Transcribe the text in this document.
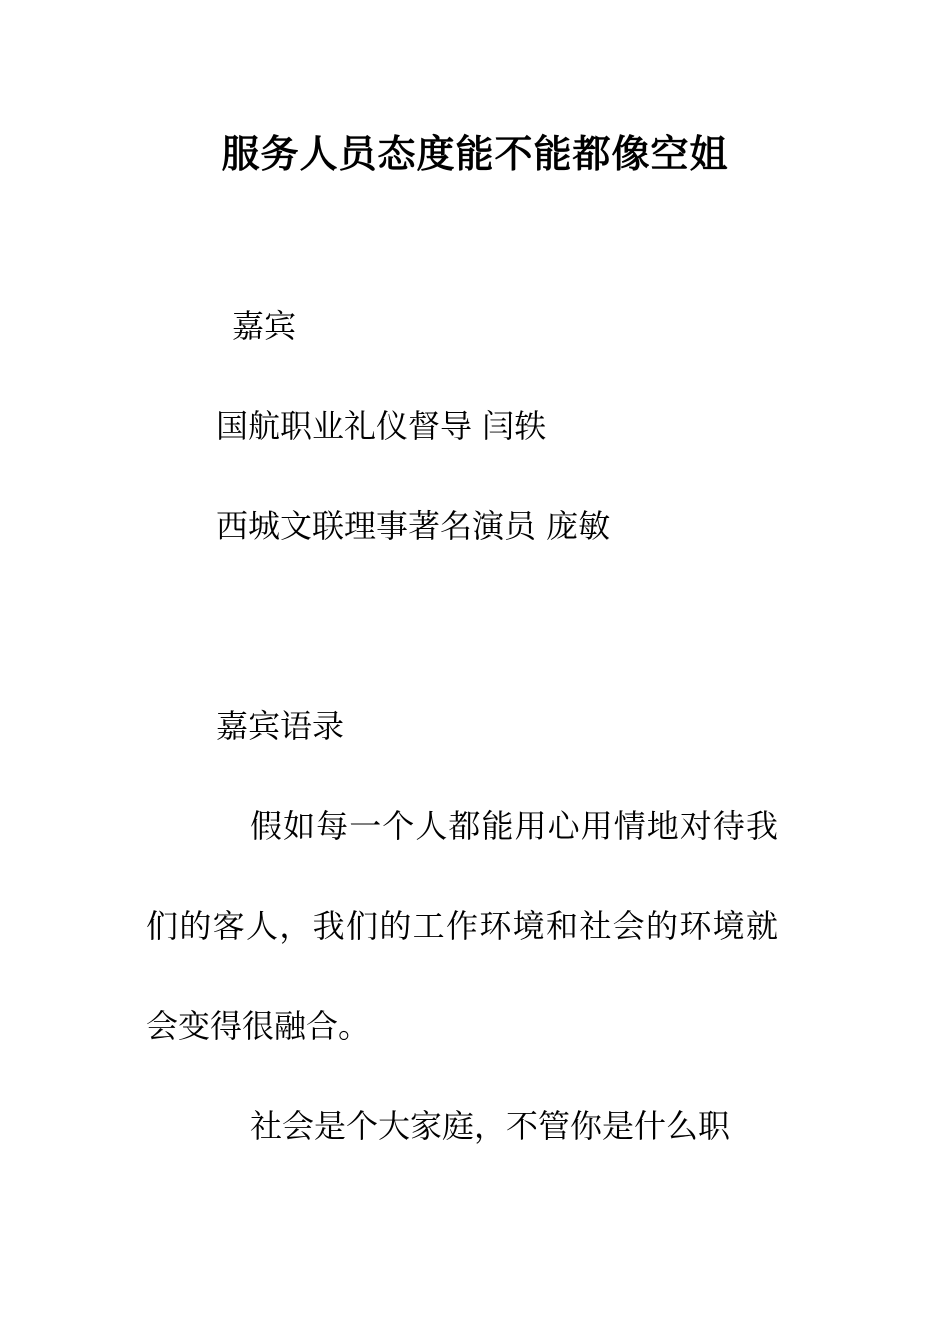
服务人员态度能不能都像空姐
嘉宾
国航职业礼仪督导 闫轶
西城文联理事著名演员 庞敏
嘉宾语录
假如每一个人都能用心用情地对待我们的客人，我们的工作环境和社会的环境就会变得很融合。
社会是个大家庭，不管你是什么职
